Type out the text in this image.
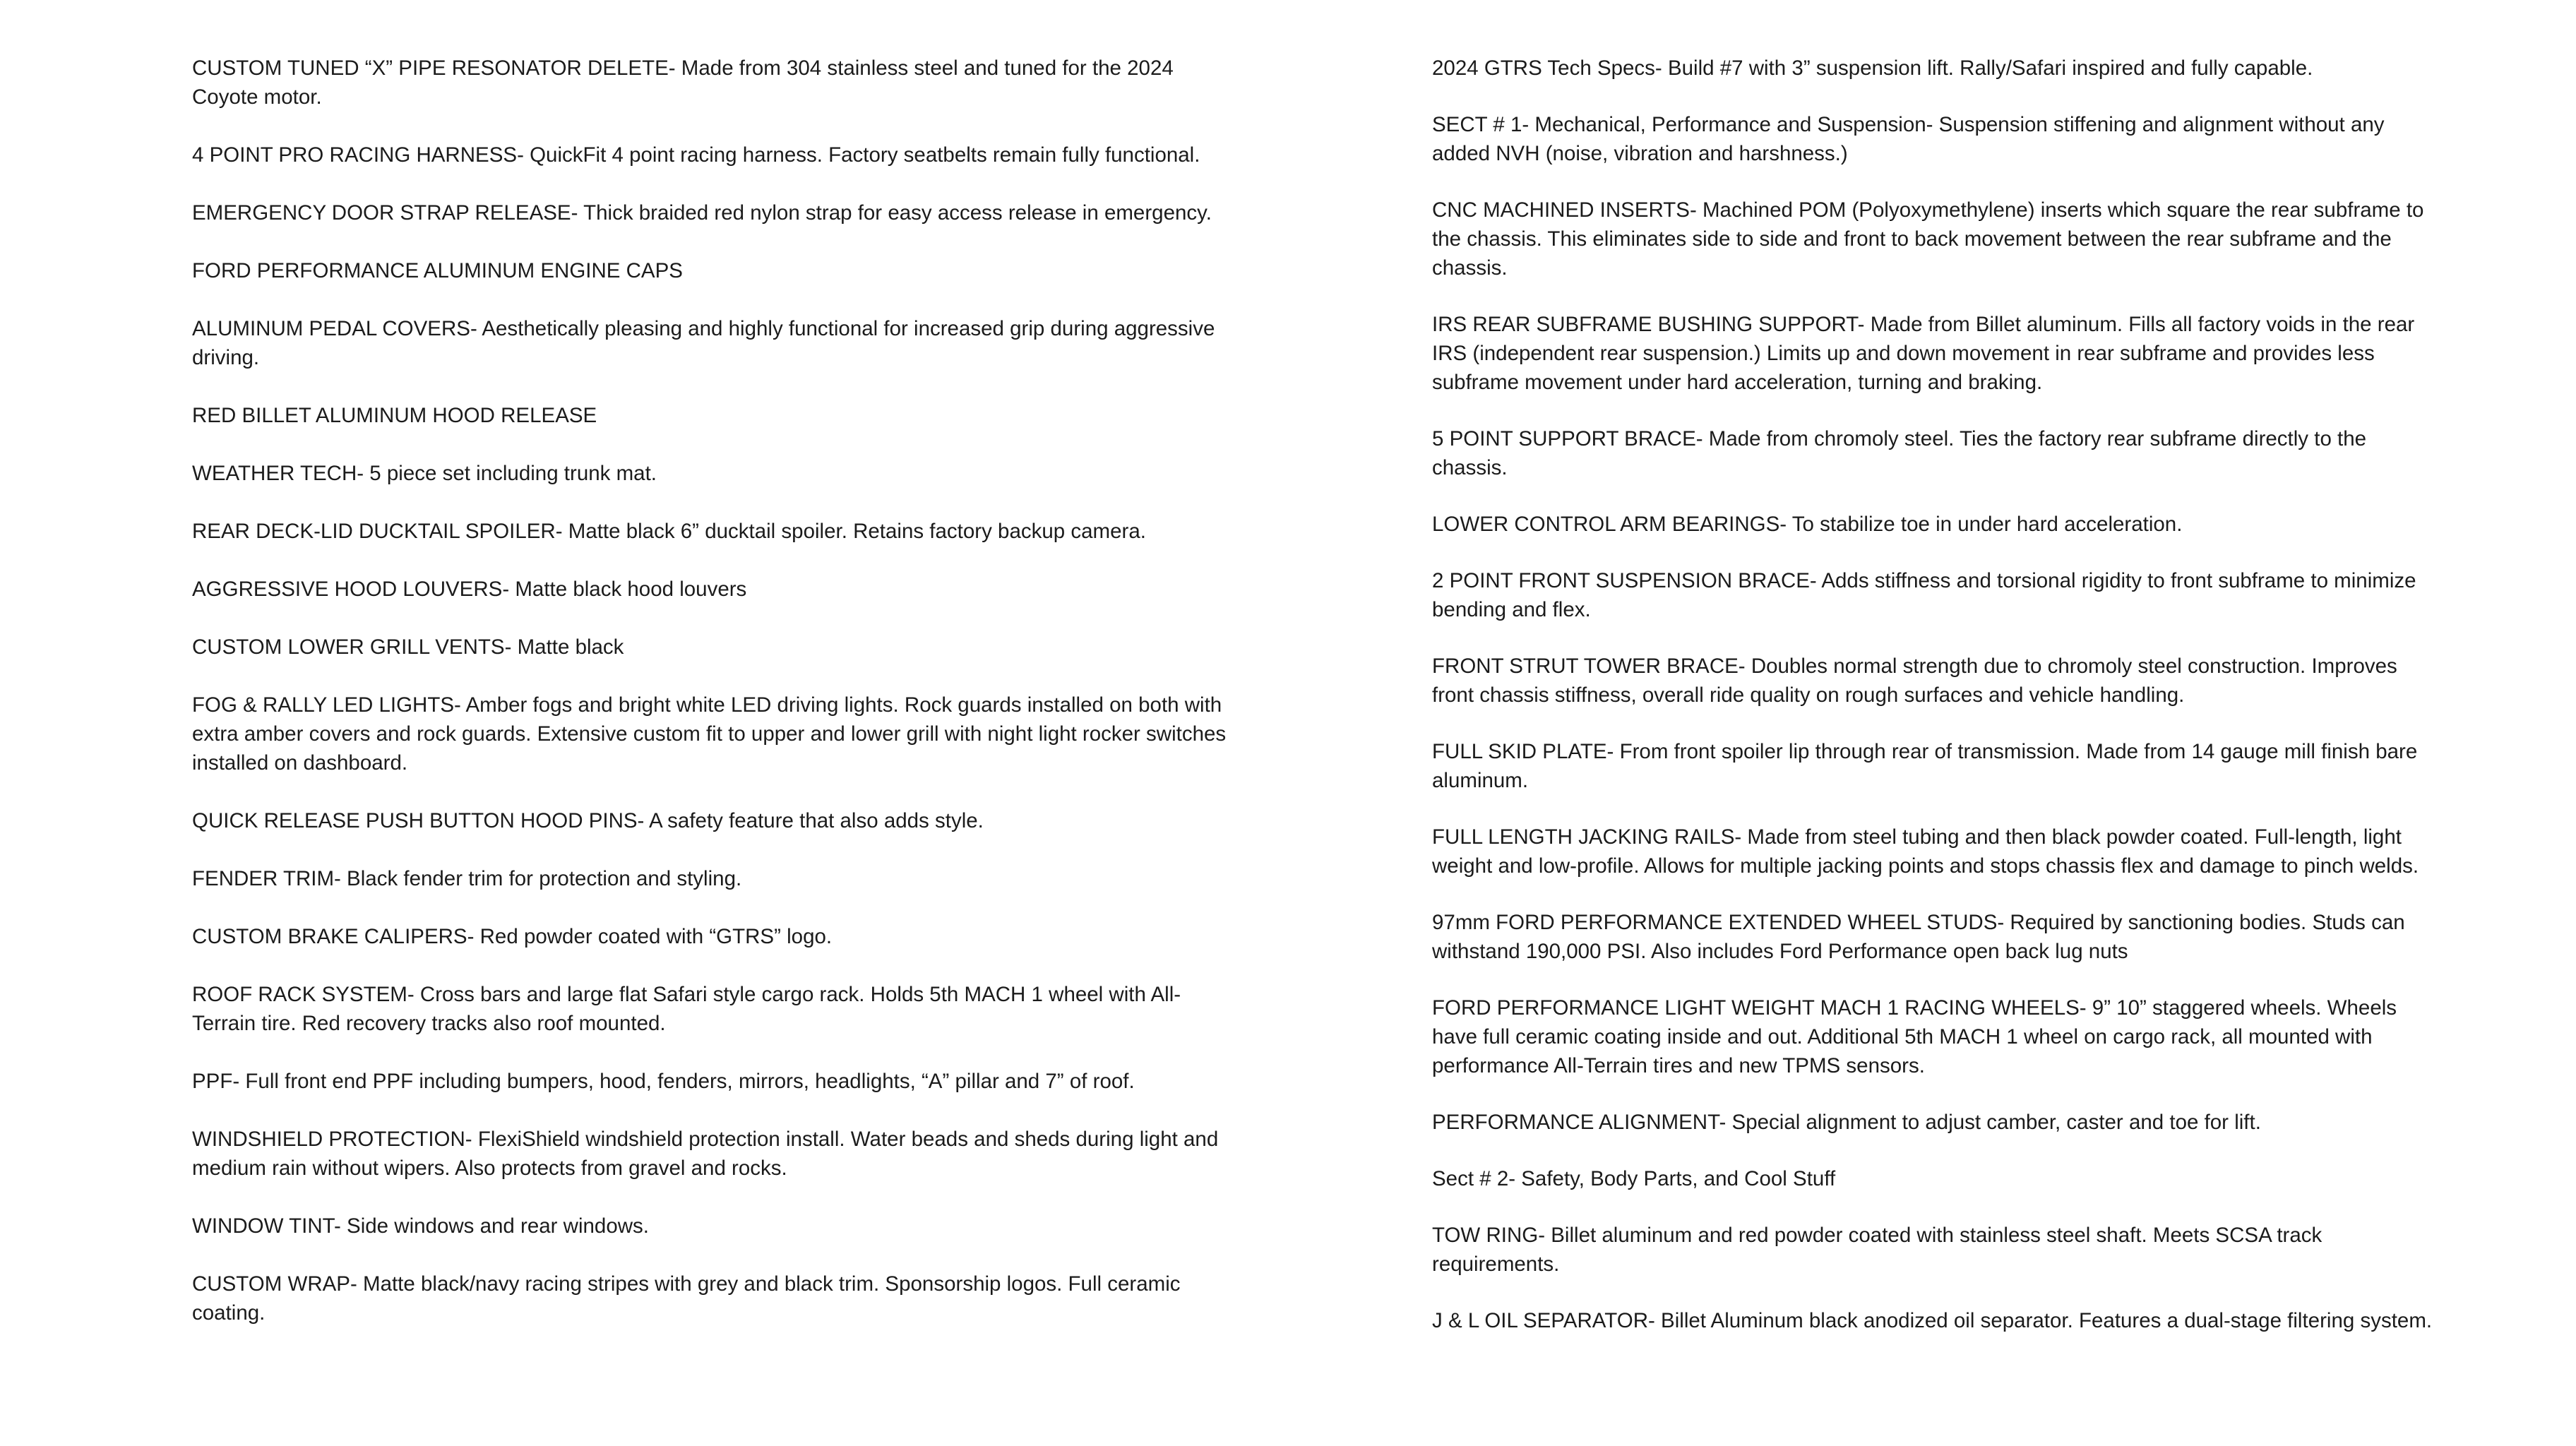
CUSTOM TUNED “X” PIPE RESONATOR DELETE- Made from 304 stainless steel and tuned for the 2024 Coyote motor.

4 POINT PRO RACING HARNESS- QuickFit 4 point racing harness. Factory seatbelts remain fully functional.

EMERGENCY DOOR STRAP RELEASE- Thick braided red nylon strap for easy access release in emergency.

FORD PERFORMANCE ALUMINUM ENGINE CAPS

ALUMINUM PEDAL COVERS- Aesthetically pleasing and highly functional for increased grip during aggressive driving.

RED BILLET ALUMINUM HOOD RELEASE

WEATHER TECH- 5 piece set including trunk mat.

REAR DECK-LID DUCKTAIL SPOILER- Matte black 6” ducktail spoiler. Retains factory backup camera.

AGGRESSIVE HOOD LOUVERS- Matte black hood louvers

CUSTOM LOWER GRILL VENTS- Matte black

FOG & RALLY LED LIGHTS- Amber fogs and bright white LED driving lights. Rock guards installed on both with extra amber covers and rock guards. Extensive custom fit to upper and lower grill with night light rocker switches installed on dashboard.

QUICK RELEASE PUSH BUTTON HOOD PINS- A safety feature that also adds style.

FENDER TRIM- Black fender trim for protection and styling.

CUSTOM BRAKE CALIPERS- Red powder coated with “GTRS” logo.

ROOF RACK SYSTEM- Cross bars and large flat Safari style cargo rack. Holds 5th MACH 1 wheel with All-Terrain tire. Red recovery tracks also roof mounted.

PPF- Full front end PPF including bumpers, hood, fenders, mirrors, headlights, “A” pillar and 7” of roof.

WINDSHIELD PROTECTION- FlexiShield windshield protection install. Water beads and sheds during light and medium rain without wipers. Also protects from gravel and rocks.

WINDOW TINT- Side windows and rear windows.

CUSTOM WRAP- Matte black/navy racing stripes with grey and black trim. Sponsorship logos. Full ceramic coating.

2024 GTRS Tech Specs- Build #7 with 3” suspension lift. Rally/Safari inspired and fully capable.

SECT # 1- Mechanical, Performance and Suspension- Suspension stiffening and alignment without any added NVH (noise, vibration and harshness.)

CNC MACHINED INSERTS- Machined POM (Polyoxymethylene) inserts which square the rear subframe to the chassis. This eliminates side to side and front to back movement between the rear subframe and the chassis.

IRS REAR SUBFRAME BUSHING SUPPORT- Made from Billet aluminum. Fills all factory voids in the rear IRS (independent rear suspension.) Limits up and down movement in rear subframe and provides less subframe movement under hard acceleration, turning and braking.

5 POINT SUPPORT BRACE- Made from chromoly steel. Ties the factory rear subframe directly to the chassis.

LOWER CONTROL ARM BEARINGS- To stabilize toe in under hard acceleration.

2 POINT FRONT SUSPENSION BRACE- Adds stiffness and torsional rigidity to front subframe to minimize bending and flex.

FRONT STRUT TOWER BRACE- Doubles normal strength due to chromoly steel construction. Improves front chassis stiffness, overall ride quality on rough surfaces and vehicle handling.

FULL SKID PLATE- From front spoiler lip through rear of transmission. Made from 14 gauge mill finish bare aluminum.

FULL LENGTH JACKING RAILS- Made from steel tubing and then black powder coated. Full-length, light weight and low-profile. Allows for multiple jacking points and stops chassis flex and damage to pinch welds.

97mm FORD PERFORMANCE EXTENDED WHEEL STUDS- Required by sanctioning bodies. Studs can withstand 190,000 PSI. Also includes Ford Performance open back lug nuts

FORD PERFORMANCE LIGHT WEIGHT MACH 1 RACING WHEELS- 9” 10” staggered wheels. Wheels have full ceramic coating inside and out. Additional 5th MACH 1 wheel on cargo rack, all mounted with performance All-Terrain tires and new TPMS sensors.

PERFORMANCE ALIGNMENT- Special alignment to adjust camber, caster and toe for lift.

Sect # 2- Safety, Body Parts, and Cool Stuff

TOW RING- Billet aluminum and red powder coated with stainless steel shaft. Meets SCSA track requirements.

J & L OIL SEPARATOR- Billet Aluminum black anodized oil separator. Features a dual-stage filtering system.
